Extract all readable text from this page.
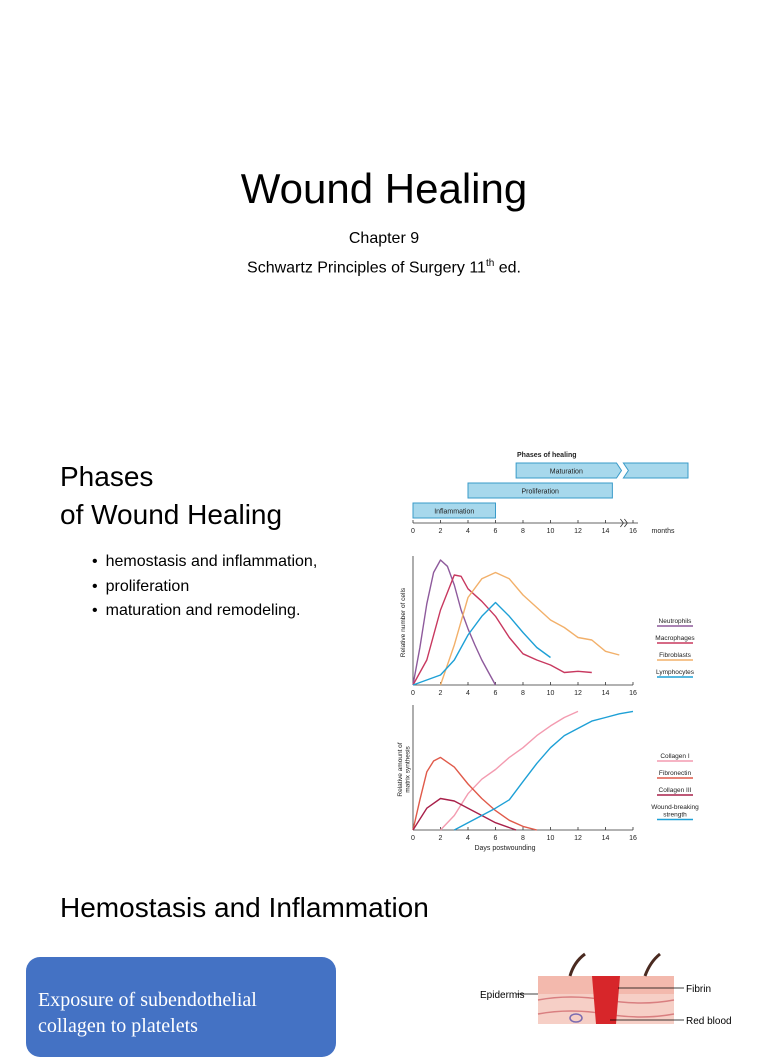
Wound Healing
Chapter 9
Schwartz Principles of Surgery 11th ed.
Phases
of Wound Healing
• hemostasis and inflammation,
• proliferation
• maturation and remodeling.
Phases of healing
Maturation
Proliferation
Inflammation
0	2	4	6	8	10	12	14	16 months
0	2	4	6	8	10	12	14	16
Relative number of cells	Neutrophils
Macrophages
Fibroblasts
Lymphocytes
0	2	4	6	8	10	12	14	16
Relative amount ofmatrix synthesis
Days postwounding
Collagen I
Fibronectin
Collagen III
Wound-breaking strength
Hemostasis and Inflammation
Exposure of subendothelial
collagen to platelets
Epidermis
Fibrin
Red blood
